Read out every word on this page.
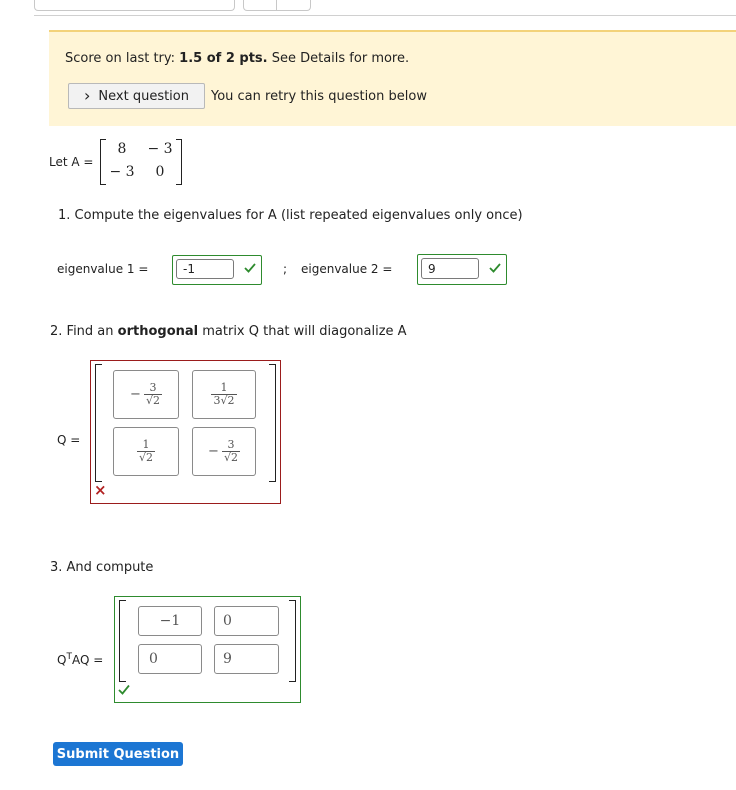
Score on last try: 1.5 of 2 pts. See Details for more.
› Next question You can retry this question below
Let A =
8	− 3
− 3	0
1. Compute the eigenvalues for A (list repeated eigenvalues only once)
eigenvalue 1 =	-1	; eigenvalue 2 =	9
2. Find an orthogonal matrix Q that will diagonalize A
Q =
− $\frac{3}{√2}$	$\frac{1}{3√2}$
$\frac{1}{√2}$	− $\frac{3}{√2}$
×
3. And compute
$Q^TAQ$ =
−1	0
0	9
Submit Question
